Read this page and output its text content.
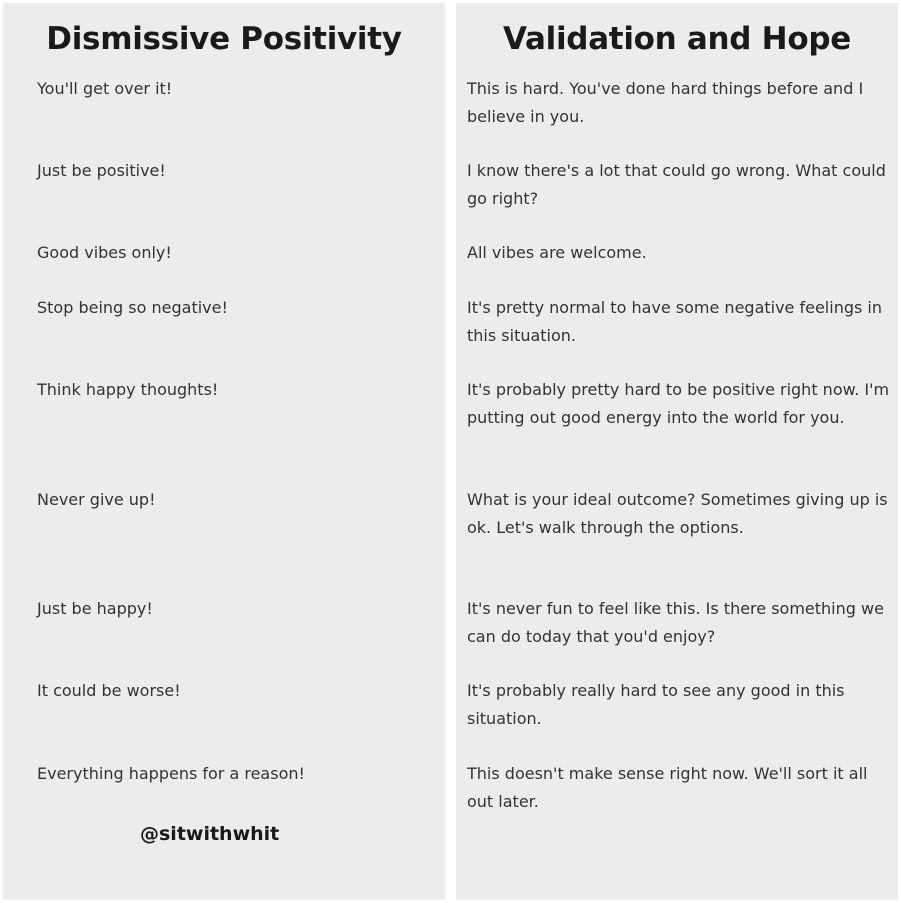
Dismissive Positivity

You'll get over it!

Just be positive!

Good vibes only!

Stop being so negative!

Think happy thoughts!

Never give up!

Just be happy!

It could be worse!

Everything happens for a reason!

@sitwithwhit
Validation and Hope

This is hard. You've done hard things before and I believe in you.

I know there's a lot that could go wrong. What could go right?

All vibes are welcome.

It's pretty normal to have some negative feelings in this situation.

It's probably pretty hard to be positive right now. I'm putting out good energy into the world for you.

What is your ideal outcome? Sometimes giving up is ok. Let's walk through the options.

It's never fun to feel like this. Is there something we can do today that you'd enjoy?

It's probably really hard to see any good in this situation.

This doesn't make sense right now. We'll sort it all out later.
